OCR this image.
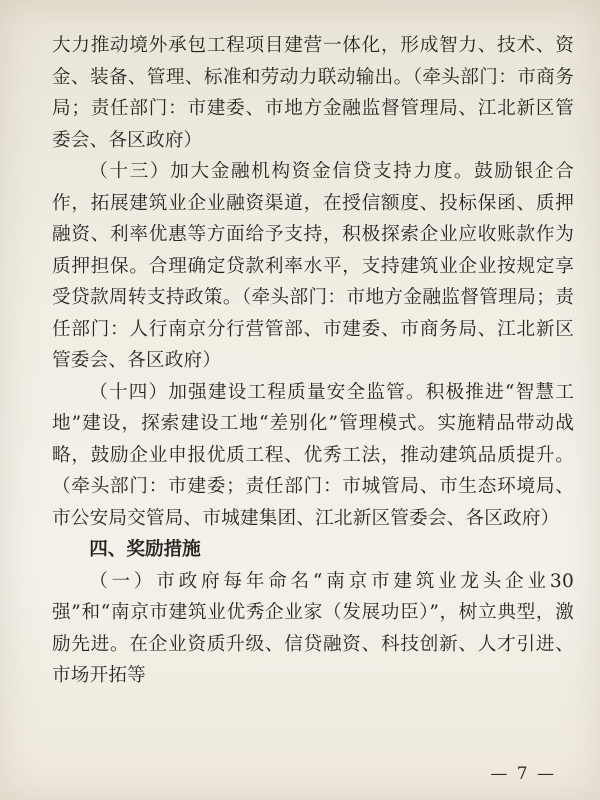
大力推动境外承包工程项目建营一体化，形成智力、技术、资金、装备、管理、标准和劳动力联动输出。（牵头部门：市商务局；责任部门：市建委、市地方金融监督管理局、江北新区管委会、各区政府）

（十三）加大金融机构资金信贷支持力度。鼓励银企合作，拓展建筑业企业融资渠道，在授信额度、投标保函、质押融资、利率优惠等方面给予支持，积极探索企业应收账款作为质押担保。合理确定贷款利率水平，支持建筑业企业按规定享受贷款周转支持政策。（牵头部门：市地方金融监督管理局；责任部门：人行南京分行营管部、市建委、市商务局、江北新区管委会、各区政府）

（十四）加强建设工程质量安全监管。积极推进“智慧工地”建设，探索建设工地“差别化”管理模式。实施精品带动战略，鼓励企业申报优质工程、优秀工法，推动建筑品质提升。（牵头部门：市建委；责任部门：市城管局、市生态环境局、市公安局交管局、市城建集团、江北新区管委会、各区政府）

四、奖励措施

（一）市政府每年命名“南京市建筑业龙头企业30强”和“南京市建筑业优秀企业家（发展功臣）”，树立典型，激励先进。在企业资质升级、信贷融资、科技创新、人才引进、市场开拓等

— 7 —
